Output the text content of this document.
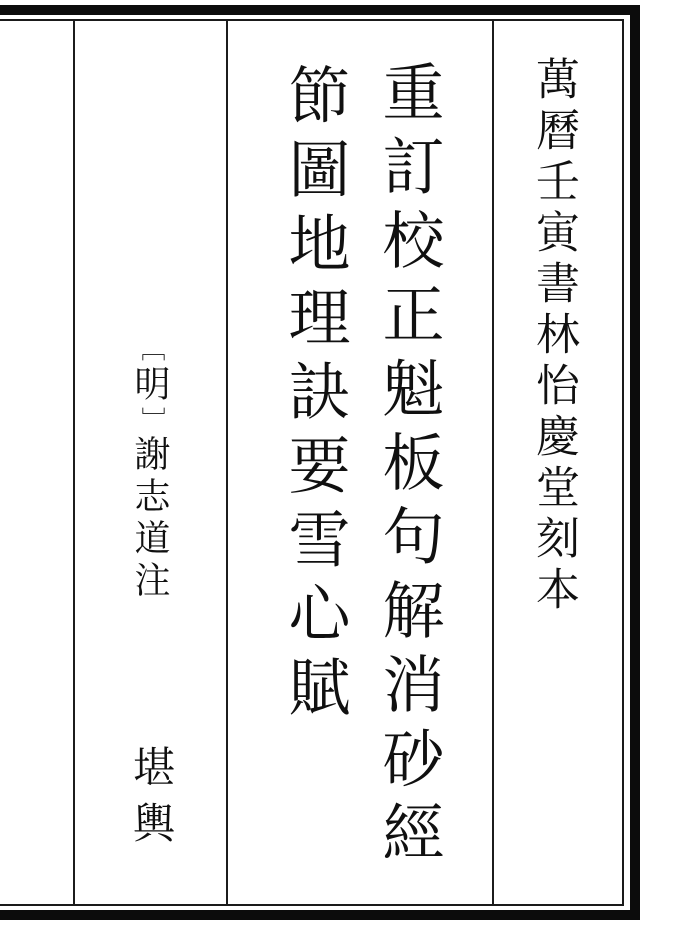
萬曆壬寅書林怡慶堂刻本
重訂校正魁板句解消砂經
節圖地理訣要雪心賦
［明］謝志道注
堪輿
